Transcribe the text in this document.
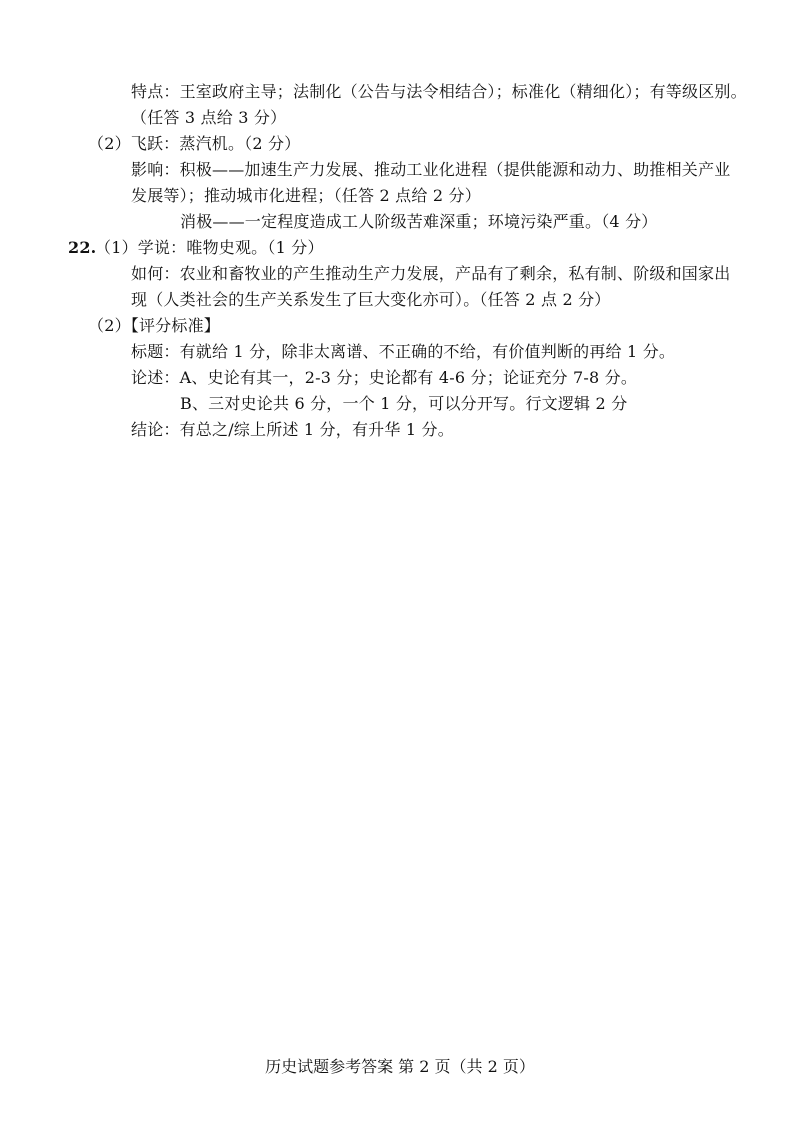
特点：王室政府主导；法制化（公告与法令相结合）；标准化（精细化）；有等级区别。
（任答 3 点给 3 分）
（2）飞跃：蒸汽机。（2 分）
影响：积极——加速生产力发展、推动工业化进程（提供能源和动力、助推相关产业
发展等）；推动城市化进程；（任答 2 点给 2 分）
消极——一定程度造成工人阶级苦难深重；环境污染严重。（4 分）
22.
（1）学说：唯物史观。（1 分）
如何：农业和畜牧业的产生推动生产力发展，产品有了剩余，私有制、阶级和国家出
现（人类社会的生产关系发生了巨大变化亦可）。（任答 2 点 2 分）
（2）【评分标准】
标题：有就给 1 分，除非太离谱、不正确的不给，有价值判断的再给 1 分。
论述：A、史论有其一，2-3 分；史论都有 4-6 分；论证充分 7-8 分。
B、三对史论共 6 分，一个 1 分，可以分开写。行文逻辑 2 分
结论：有总之/综上所述 1 分，有升华 1 分。
历史试题参考答案 第 2 页（共 2 页）
